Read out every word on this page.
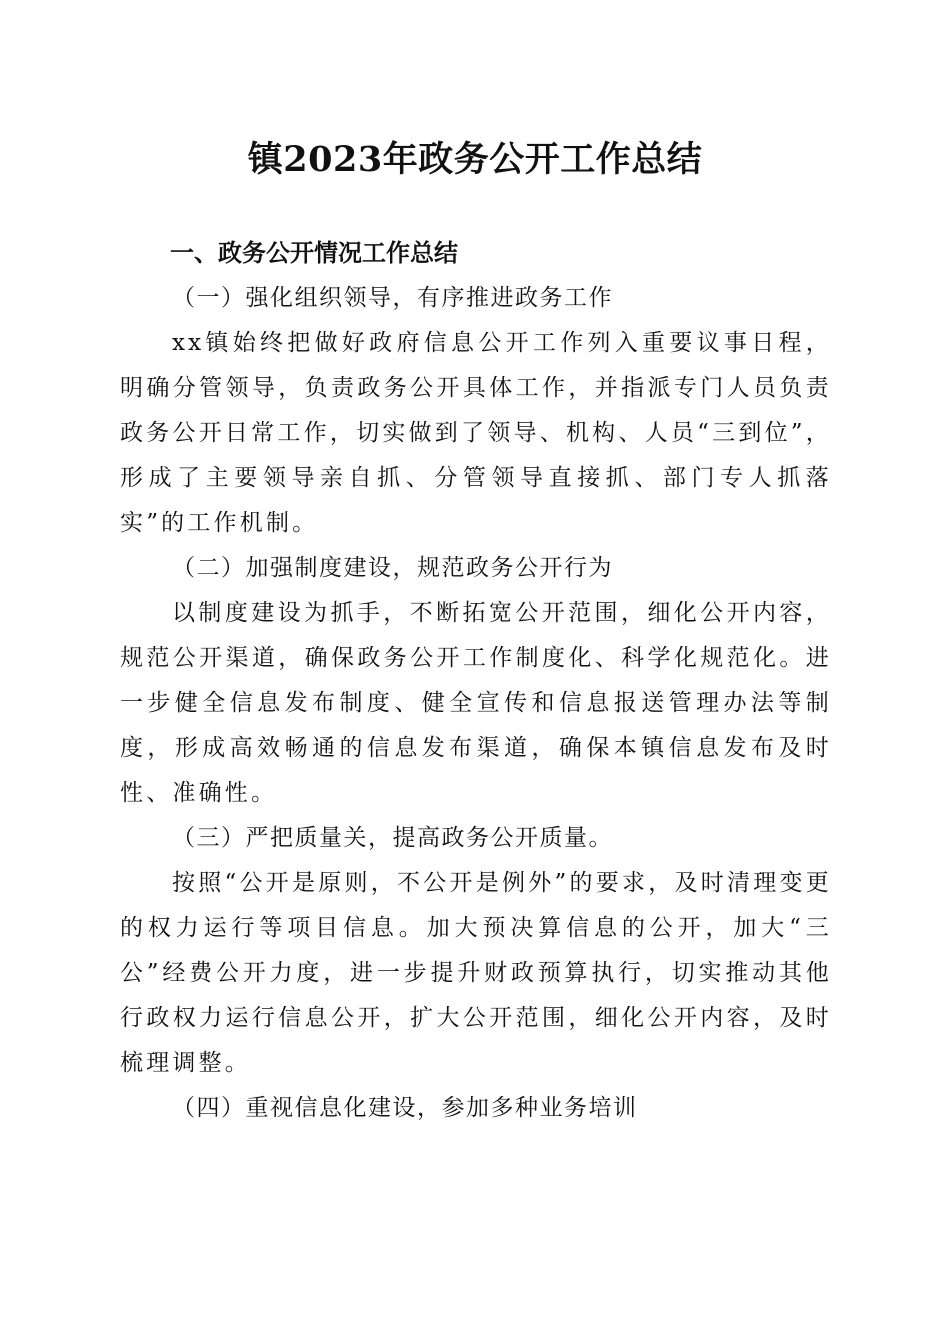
镇2023年政务公开工作总结
一、政务公开情况工作总结
（一）强化组织领导，有序推进政务工作

xx镇始终把做好政府信息公开工作列入重要议事日程，明确分管领导，负责政务公开具体工作，并指派专门人员负责政务公开日常工作，切实做到了领导、机构、人员“三到位”，形成了主要领导亲自抓、分管领导直接抓、部门专人抓落实”的工作机制。

（二）加强制度建设，规范政务公开行为

以制度建设为抓手，不断拓宽公开范围，细化公开内容，规范公开渠道，确保政务公开工作制度化、科学化规范化。进一步健全信息发布制度、健全宣传和信息报送管理办法等制度，形成高效畅通的信息发布渠道，确保本镇信息发布及时性、准确性。

（三）严把质量关，提高政务公开质量。

按照“公开是原则，不公开是例外”的要求，及时清理变更的权力运行等项目信息。加大预决算信息的公开，加大“三公”经费公开力度，进一步提升财政预算执行，切实推动其他行政权力运行信息公开，扩大公开范围，细化公开内容，及时梳理调整。

（四）重视信息化建设，参加多种业务培训
